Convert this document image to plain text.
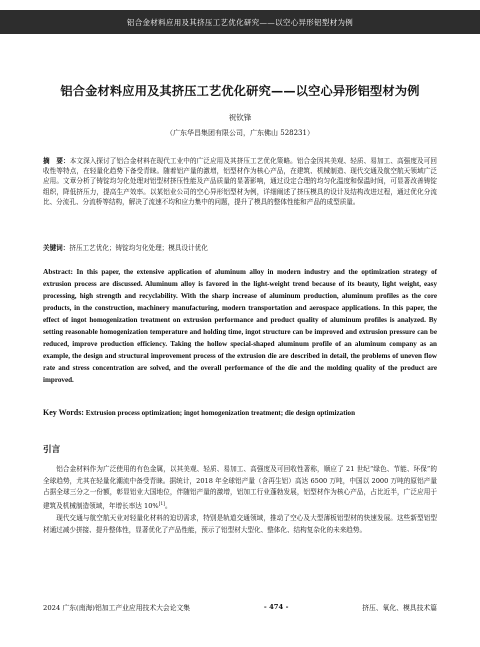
铝合金材料应用及其挤压工艺优化研究——以空心异形铝型材为例
铝合金材料应用及其挤压工艺优化研究——以空心异形铝型材为例
祝钦锋
（广东华昌集团有限公司，广东佛山 528231）
摘　要：本文深入探讨了铝合金材料在现代工业中的广泛应用及其挤压工艺优化策略。铝合金因其美观、轻质、易加工、高强度及可回收性等特点，在轻量化趋势下备受青睐。随着铝产量的激增，铝型材作为核心产品，在建筑、机械制造、现代交通及航空航天领域广泛应用。文章分析了铸锭均匀化处理对铝型材挤压性能及产品质量的显著影响，通过设定合理的均匀化温度和保温时间，可显著改善铸锭组织，降低挤压力，提高生产效率。以某铝业公司的空心异形铝型材为例，详细阐述了挤压模具的设计及结构改进过程，通过优化分流比、分流孔、分流桥等结构，解决了流速不均和应力集中的问题，提升了模具的整体性能和产品的成型质量。
关键词：挤压工艺优化；铸锭均匀化处理；模具设计优化
Abstract: In this paper, the extensive application of aluminum alloy in modern industry and the optimization strategy of extrusion process are discussed. Aluminum alloy is favored in the light-weight trend because of its beauty, light weight, easy processing, high strength and recyclability. With the sharp increase of aluminum production, aluminum profiles as the core products, in the construction, machinery manufacturing, modern transportation and aerospace applications. In this paper, the effect of ingot homogenization treatment on extrusion performance and product quality of aluminum profiles is analyzed. By setting reasonable homogenization temperature and holding time, ingot structure can be improved and extrusion pressure can be reduced, improve production efficiency. Taking the hollow special-shaped aluminum profile of an aluminum company as an example, the design and structural improvement process of the extrusion die are described in detail, the problems of uneven flow rate and stress concentration are solved, and the overall performance of the die and the molding quality of the product are improved.
Key Words: Extrusion process optimization; ingot homogenization treatment; die design optimization
引言

铝合金材料作为广泛使用的有色金属，以其美观、轻质、易加工、高强度及可回收性著称，顺应了 21 世纪“绿色、节能、环保”的全球趋势，尤其在轻量化潮流中备受青睐。据统计，2018 年全球铝产量（含再生铝）高达 6500 万吨，中国以 2000 万吨的原铝产量占据全球三分之一份额，彰显铝业大国地位，伴随铝产量的激增，铝加工行业蓬勃发展，铝型材作为核心产品，占比近半，广泛应用于建筑及机械制造领域，年增长率达 10%[1]。

现代交通与航空航天业对轻量化材料的迫切需求，特别是轨道交通领域，推动了空心及大型薄板铝型材的快速发展。这些新型铝型材通过减少拼接、提升整体性，显著优化了产品性能，预示了铝型材大型化、整体化、结构复杂化的未来趋势。

2024 广东(南海)铝加工产业应用技术大会论文集	- 474 -	挤压、氧化、模具技术篇
